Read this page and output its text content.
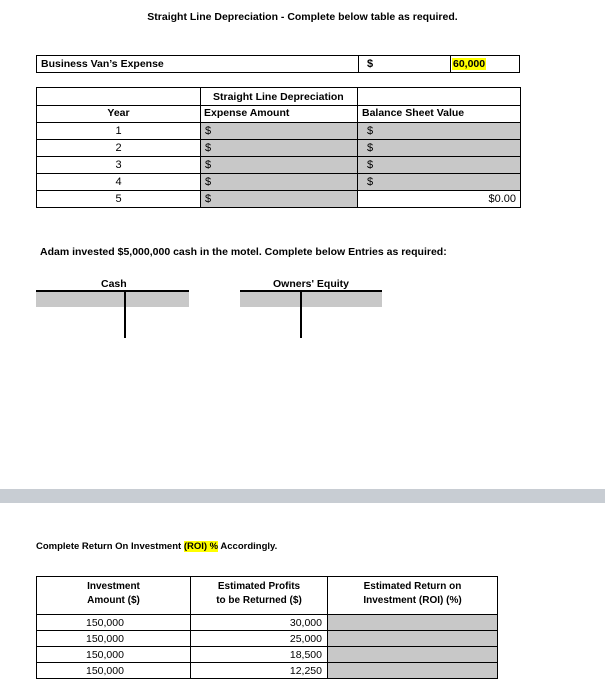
Straight Line Depreciation - Complete below table as required.
Business Van’s Expense	$	60,000
Straight Line Depreciation
Year	Expense Amount	Balance Sheet Value
1	$	$
2	$	$
3	$	$
4	$	$
5	$	$0.00
Adam invested $5,000,000 cash in the motel. Complete below Entries as required:
Cash	Owners' Equity
Complete Return On Investment (ROI) % Accordingly.
Investment
Amount ($)
Estimated Profits
to be Returned ($)
Estimated Return on
Investment (ROI) (%)
150,000	30,000
150,000	25,000
150,000	18,500
150,000	12,250
